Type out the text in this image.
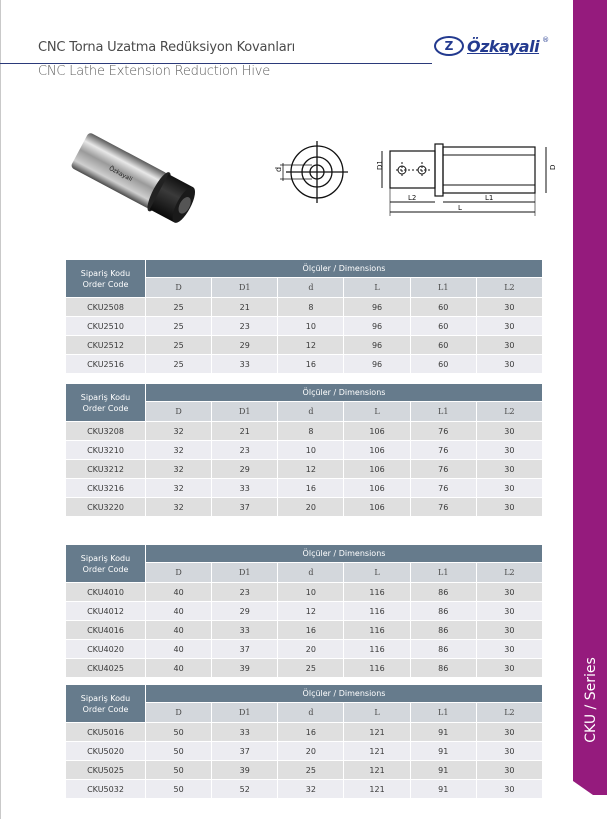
CKU / Series
CNC Torna Uzatma Redüksiyon Kovanları
CNC Lathe Extension Reduction Hive
Z Özkayali ®
Özkayali	d	D1	D
L2	L1
L
Sipariş Kodu
Order Code	Ölçüler / Dimensions					
	D	D1	d	L	L1	L2
CKU2508	25	21	8	96	60	30
CKU2510	25	23	10	96	60	30
CKU2512	25	29	12	96	60	30
CKU2516	25	33	16	96	60	30
Sipariş Kodu
Order Code	Ölçüler / Dimensions					
	D	D1	d	L	L1	L2
CKU3208	32	21	8	106	76	30
CKU3210	32	23	10	106	76	30
CKU3212	32	29	12	106	76	30
CKU3216	32	33	16	106	76	30
CKU3220	32	37	20	106	76	30
Sipariş Kodu
Order Code	Ölçüler / Dimensions					
	D	D1	d	L	L1	L2
CKU4010	40	23	10	116	86	30
CKU4012	40	29	12	116	86	30
CKU4016	40	33	16	116	86	30
CKU4020	40	37	20	116	86	30
CKU4025	40	39	25	116	86	30
Sipariş Kodu
Order Code	Ölçüler / Dimensions					
	D	D1	d	L	L1	L2
CKU5016	50	33	16	121	91	30
CKU5020	50	37	20	121	91	30
CKU5025	50	39	25	121	91	30
CKU5032	50	52	32	121	91	30
